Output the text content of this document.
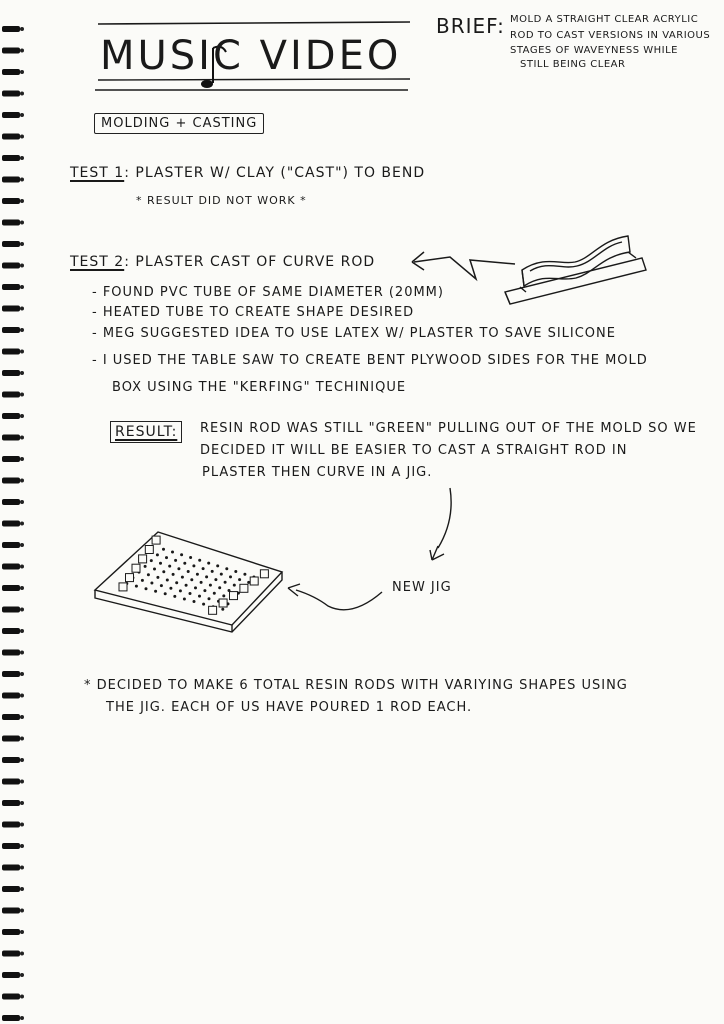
MUSIC VIDEO
BRIEF: MOLD A STRAIGHT CLEAR ACRYLIC
ROD TO CAST VERSIONS IN VARIOUS
STAGES OF WAVEYNESS WHILE
STILL BEING CLEAR
MOLDING + CASTING
TEST 1: PLASTER W/ CLAY ("CAST") TO BEND
* RESULT DID NOT WORK *
TEST 2: PLASTER CAST OF CURVE ROD
- FOUND PVC TUBE OF SAME DIAMETER (20MM)
- HEATED TUBE TO CREATE SHAPE DESIRED
- MEG SUGGESTED IDEA TO USE LATEX W/ PLASTER TO SAVE SILICONE
- I USED THE TABLE SAW TO CREATE BENT PLYWOOD SIDES FOR THE MOLD
BOX USING THE "KERFING" TECHINIQUE
RESULT:	RESIN ROD WAS STILL "GREEN" PULLING OUT OF THE MOLD SO WE
DECIDED IT WILL BE EASIER TO CAST A STRAIGHT ROD IN
PLASTER THEN CURVE IN A JIG.
NEW JIG
* DECIDED TO MAKE 6 TOTAL RESIN RODS WITH VARIYING SHAPES USING
THE JIG. EACH OF US HAVE POURED 1 ROD EACH.
